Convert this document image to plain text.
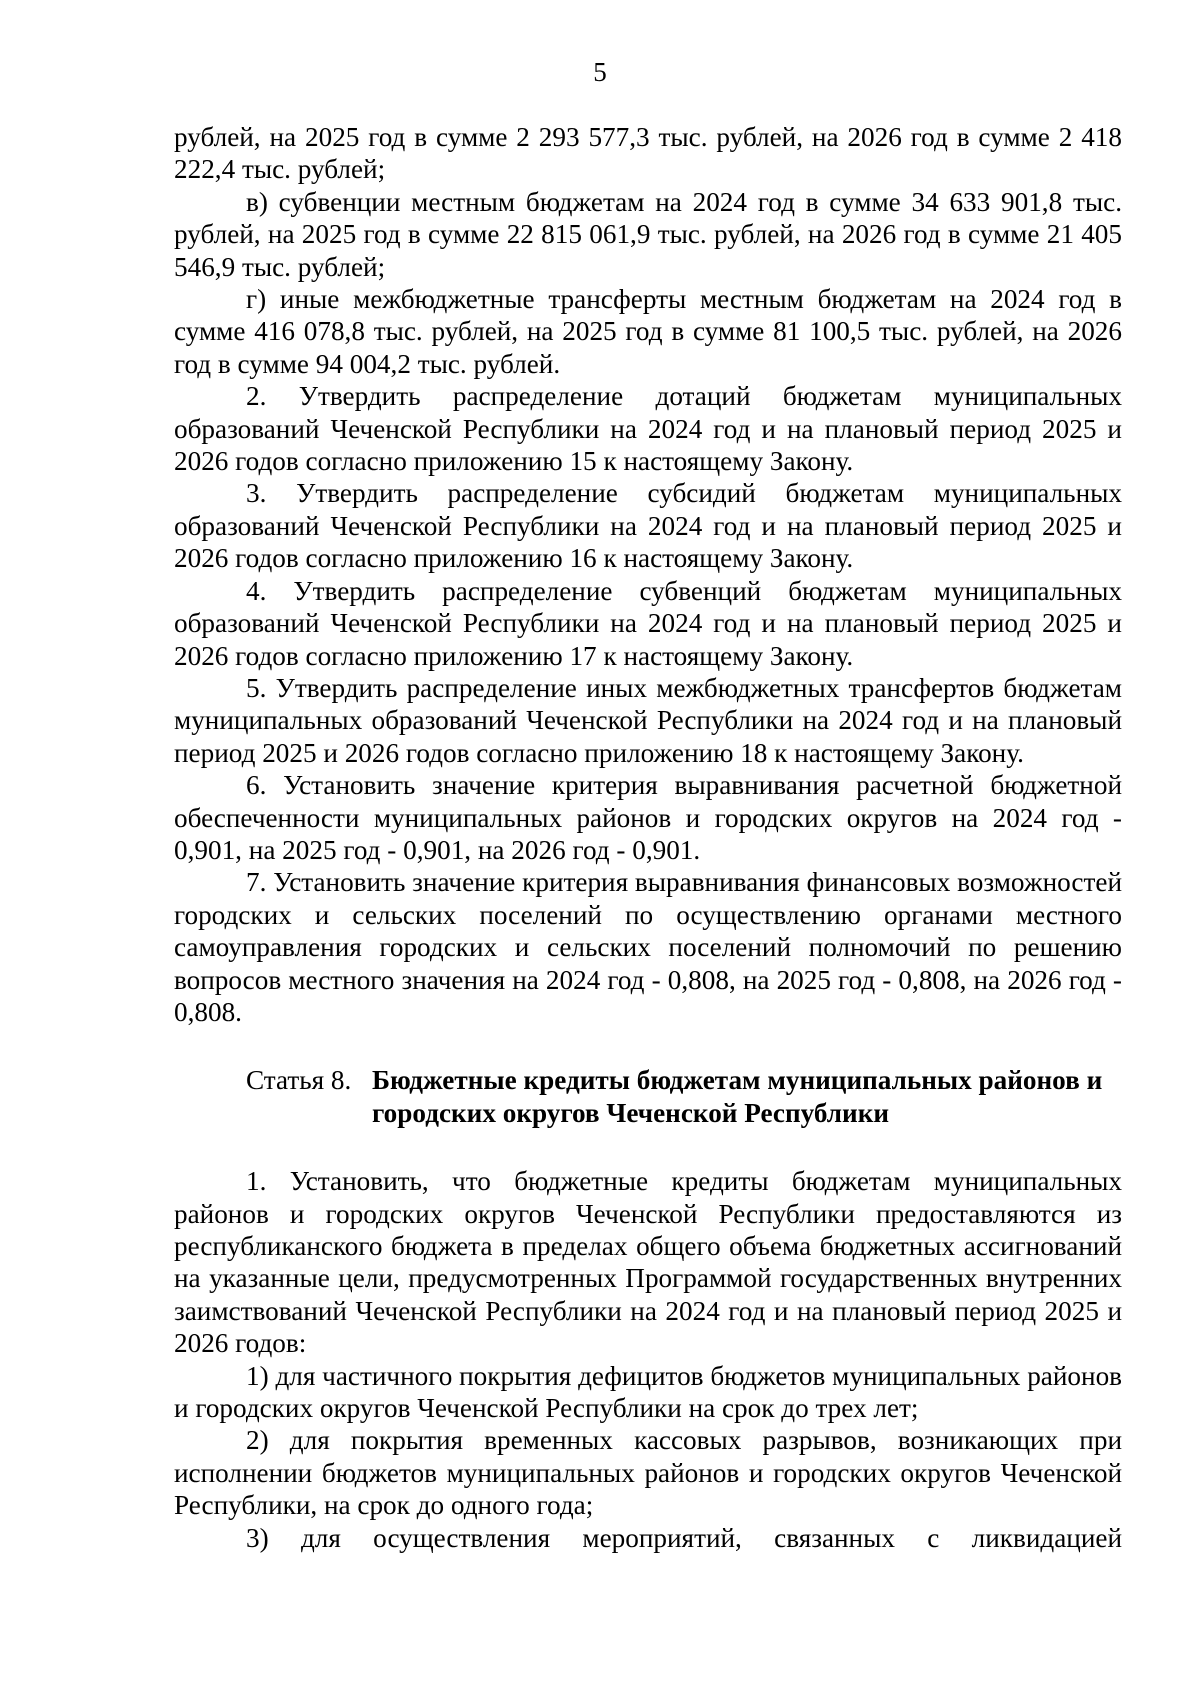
5

рублей, на 2025 год в сумме 2 293 577,3 тыс. рублей, на 2026 год в сумме 2 418 222,4 тыс. рублей;

в) субвенции местным бюджетам на 2024 год в сумме 34 633 901,8 тыс. рублей, на 2025 год в сумме 22 815 061,9 тыс. рублей, на 2026 год в сумме 21 405 546,9 тыс. рублей;

г) иные межбюджетные трансферты местным бюджетам на 2024 год в сумме 416 078,8 тыс. рублей, на 2025 год в сумме 81 100,5 тыс. рублей, на 2026 год в сумме 94 004,2 тыс. рублей.

2. Утвердить распределение дотаций бюджетам муниципальных образований Чеченской Республики на 2024 год и на плановый период 2025 и 2026 годов согласно приложению 15 к настоящему Закону.

3. Утвердить распределение субсидий бюджетам муниципальных образований Чеченской Республики на 2024 год и на плановый период 2025 и 2026 годов согласно приложению 16 к настоящему Закону.

4. Утвердить распределение субвенций бюджетам муниципальных образований Чеченской Республики на 2024 год и на плановый период 2025 и 2026 годов согласно приложению 17 к настоящему Закону.

5. Утвердить распределение иных межбюджетных трансфертов бюджетам муниципальных образований Чеченской Республики на 2024 год и на плановый период 2025 и 2026 годов согласно приложению 18 к настоящему Закону.

6. Установить значение критерия выравнивания расчетной бюджетной обеспеченности муниципальных районов и городских округов на 2024 год - 0,901, на 2025 год - 0,901, на 2026 год - 0,901.

7. Установить значение критерия выравнивания финансовых возможностей городских и сельских поселений по осуществлению органами местного самоуправления городских и сельских поселений полномочий по решению вопросов местного значения на 2024 год - 0,808, на 2025 год - 0,808, на 2026 год - 0,808.

Статья 8. Бюджетные кредиты бюджетам муниципальных районов и городских округов Чеченской Республики

1. Установить, что бюджетные кредиты бюджетам муниципальных районов и городских округов Чеченской Республики предоставляются из республиканского бюджета в пределах общего объема бюджетных ассигнований на указанные цели, предусмотренных Программой государственных внутренних заимствований Чеченской Республики на 2024 год и на плановый период 2025 и 2026 годов:

1) для частичного покрытия дефицитов бюджетов муниципальных районов и городских округов Чеченской Республики на срок до трех лет;

2) для покрытия временных кассовых разрывов, возникающих при исполнении бюджетов муниципальных районов и городских округов Чеченской Республики, на срок до одного года;

3) для осуществления мероприятий, связанных с ликвидацией
